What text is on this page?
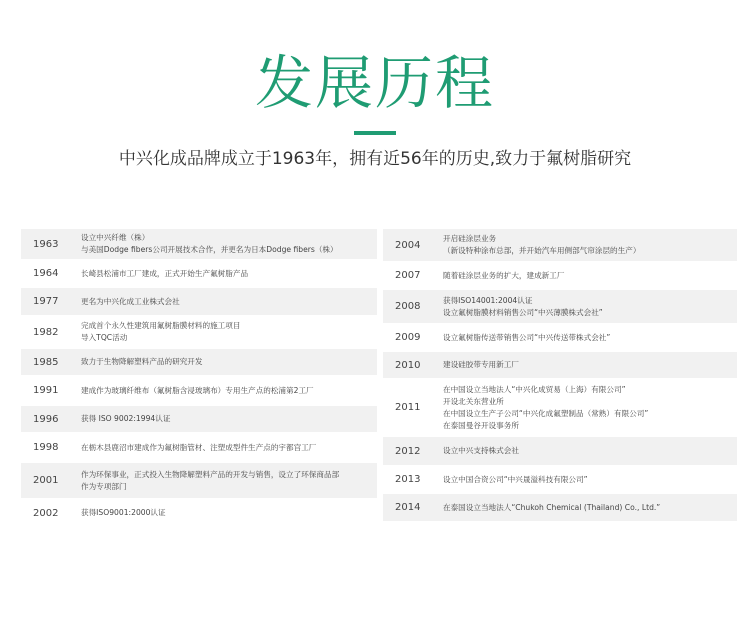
发展历程
中兴化成品牌成立于1963年，拥有近56年的历史,致力于氟树脂研究
1963
设立中兴纤维（株）
与美国Dodge fibers公司开展技术合作，并更名为日本Dodge fibers（株）
1964	长崎县松浦市工厂建成，正式开始生产氟树脂产品
1977	更名为中兴化成工业株式会社
1982
完成首个永久性建筑用氟树脂膜材料的施工项目
导入TQC活动
1985	致力于生物降解塑料产品的研究开发
1991	建成作为玻璃纤维布（氟树脂含浸玻璃布）专用生产点的松浦第2工厂
1996	获得 ISO 9002:1994认证
1998	在栃木县鹿沼市建成作为氟树脂管材、注塑成型件生产点的宇都宫工厂
2001
作为环保事业，正式投入生物降解塑料产品的开发与销售，设立了环保商品部
作为专项部门
2002	获得ISO9001:2000认证
2004
开启硅涂层业务
（新设特种涂布总部，并开始汽车用侧部气帘涂层的生产）
2007	随着硅涂层业务的扩大，建成新工厂
2008
获得ISO14001:2004认证
设立氟树脂膜材料销售公司“中兴薄膜株式会社”
2009	设立氟树脂传送带销售公司“中兴传送带株式会社”
2010	建设硅胶带专用新工厂
2011
在中国设立当地法人“中兴化成贸易（上海）有限公司”
开设北关东营业所
在中国设立生产子公司“中兴化成氟塑制品（常熟）有限公司”
在泰国曼谷开设事务所
2012	设立中兴支持株式会社
2013	设立中国合资公司“中兴晟溢科技有限公司”
2014	在泰国设立当地法人“Chukoh Chemical (Thailand) Co., Ltd.”
